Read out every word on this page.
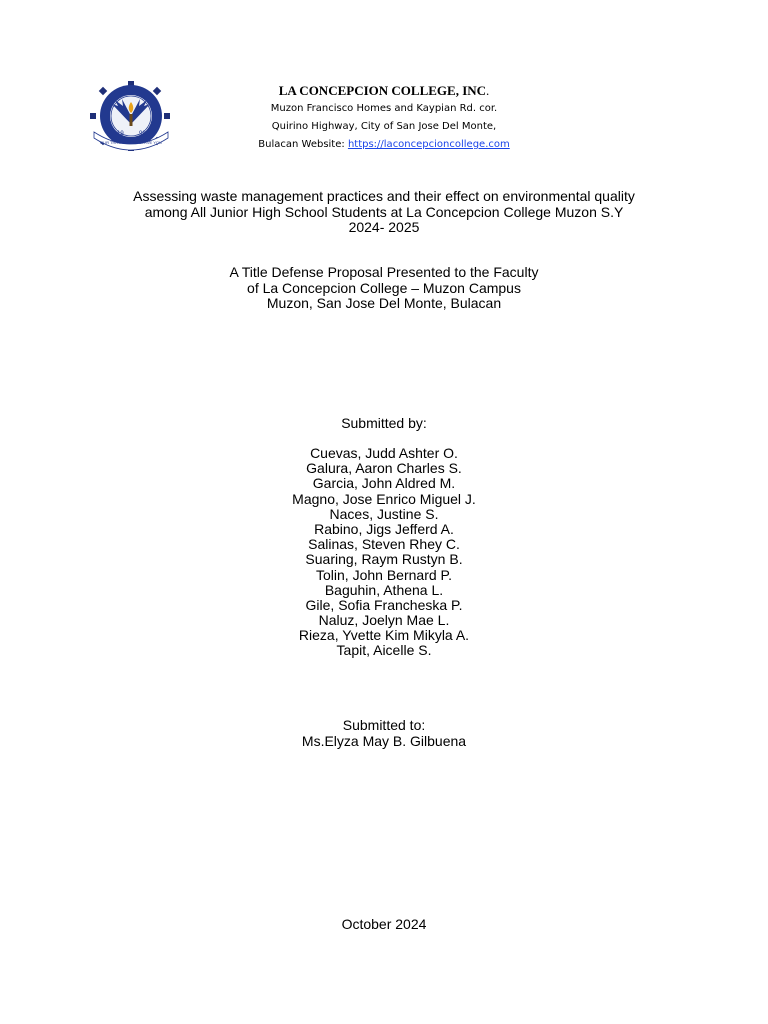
19	98
OUR THRUST IS TO SERVE YOU
LA CONCEPCION COLLEGE, INC.
Muzon Francisco Homes and Kaypian Rd. cor.
Quirino Highway, City of San Jose Del Monte,
Bulacan Website: https://laconcepcioncollege.com
Assessing waste management practices and their effect on environmental quality
among All Junior High School Students at La Concepcion College Muzon S.Y
2024- 2025
A Title Defense Proposal Presented to the Faculty
of La Concepcion College – Muzon Campus
Muzon, San Jose Del Monte, Bulacan
Submitted by:
Cuevas, Judd Ashter O.
Galura, Aaron Charles S.
Garcia, John Aldred M.
Magno, Jose Enrico Miguel J.
Naces, Justine S.
Rabino, Jigs Jefferd A.
Salinas, Steven Rhey C.
Suaring, Raym Rustyn B.
Tolin, John Bernard P.
Baguhin, Athena L.
Gile, Sofia Francheska P.
Naluz, Joelyn Mae L.
Rieza, Yvette Kim Mikyla A.
Tapit, Aicelle S.
Submitted to:
Ms.Elyza May B. Gilbuena
October 2024
